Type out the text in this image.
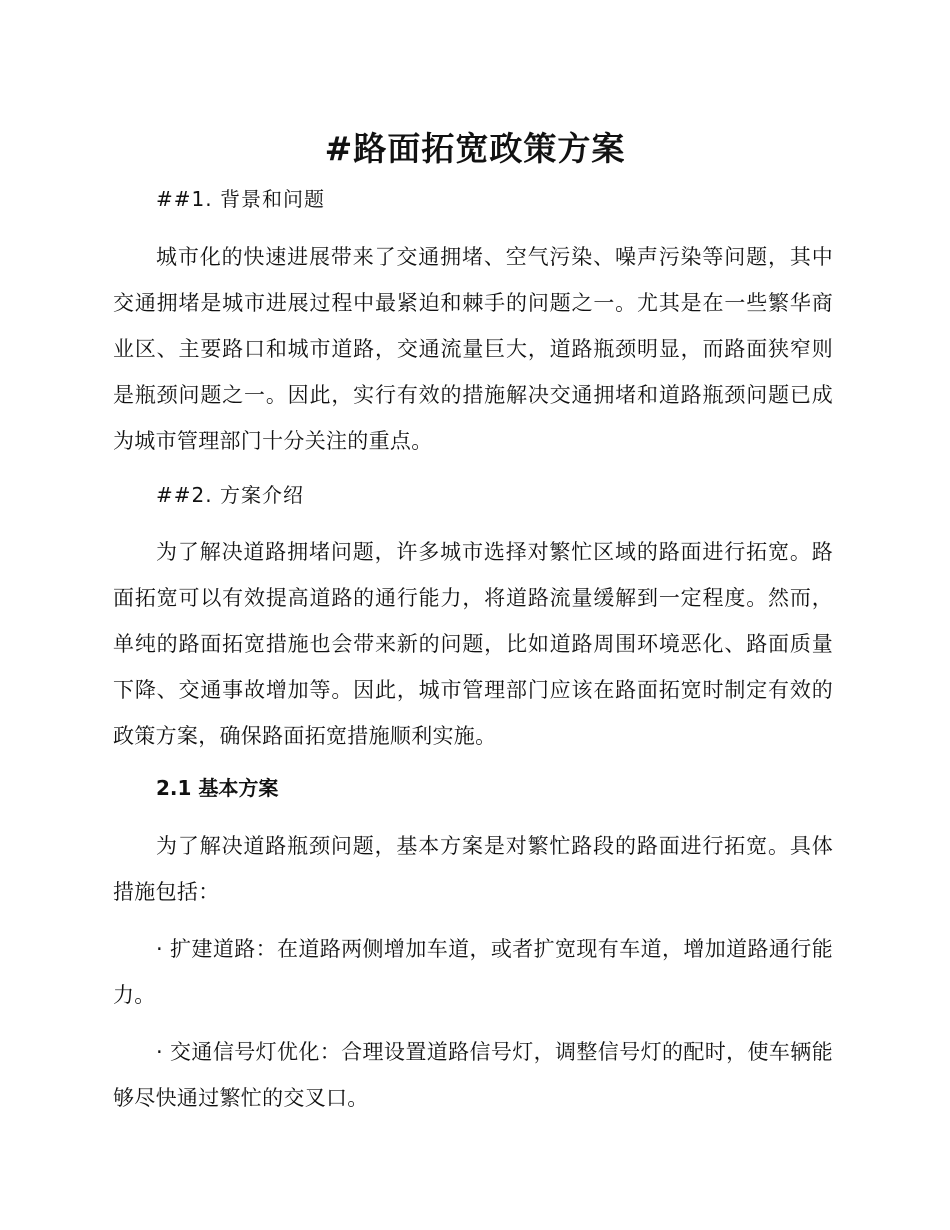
#路面拓宽政策方案
##1. 背景和问题

城市化的快速进展带来了交通拥堵、空气污染、噪声污染等问题，其中交通拥堵是城市进展过程中最紧迫和棘手的问题之一。尤其是在一些繁华商业区、主要路口和城市道路，交通流量巨大，道路瓶颈明显，而路面狭窄则是瓶颈问题之一。因此，实行有效的措施解决交通拥堵和道路瓶颈问题已成为城市管理部门十分关注的重点。

##2. 方案介绍

为了解决道路拥堵问题，许多城市选择对繁忙区域的路面进行拓宽。路面拓宽可以有效提高道路的通行能力，将道路流量缓解到一定程度。然而，单纯的路面拓宽措施也会带来新的问题，比如道路周围环境恶化、路面质量下降、交通事故增加等。因此，城市管理部门应该在路面拓宽时制定有效的政策方案，确保路面拓宽措施顺利实施。

2.1 基本方案

为了解决道路瓶颈问题，基本方案是对繁忙路段的路面进行拓宽。具体措施包括：

· 扩建道路：在道路两侧增加车道，或者扩宽现有车道，增加道路通行能力。

· 交通信号灯优化：合理设置道路信号灯，调整信号灯的配时，使车辆能够尽快通过繁忙的交叉口。
